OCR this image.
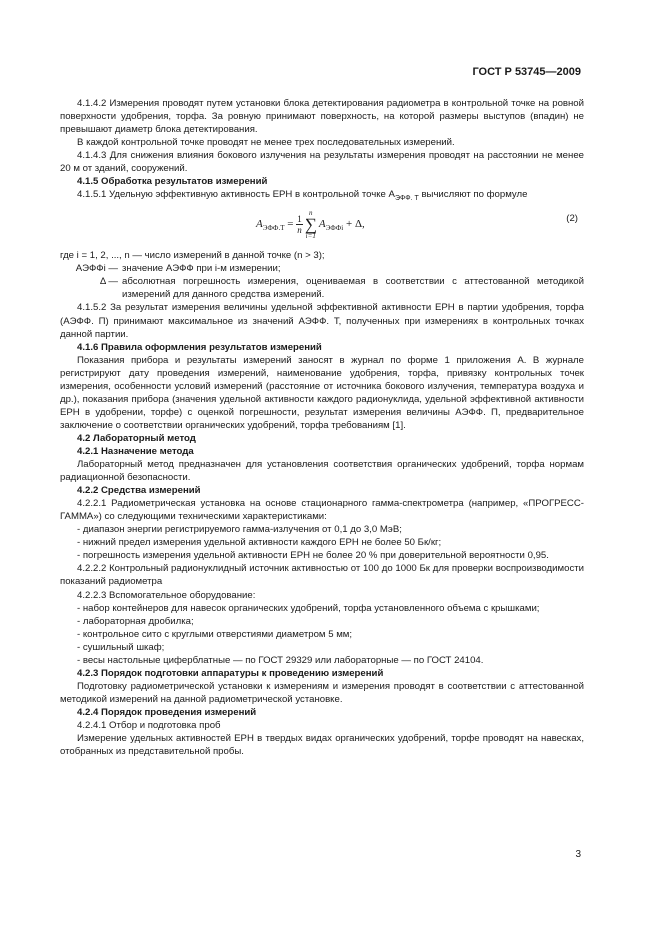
ГОСТ Р 53745—2009

4.1.4.2 Измерения проводят путем установки блока детектирования радиометра в контрольной точке на ровной поверхности удобрения, торфа. За ровную принимают поверхность, на которой размеры выступов (впадин) не превышают диаметр блока детектирования.

В каждой контрольной точке проводят не менее трех последовательных измерений.

4.1.4.3 Для снижения влияния бокового излучения на результаты измерения проводят на расстоянии не менее 20 м от зданий, сооружений.

4.1.5 Обработка результатов измерений

4.1.5.1 Удельную эффективную активность ЕРН в контрольной точке $A_{ЭФФ. Т}$ вычисляют по формуле

$A_{ЭФФ.Т} = \frac{1}{n}$
n
∑
i=1
$A_{ЭФФi} + \Delta$,	(2)

где i = 1, 2, ..., n — число измерений в данной точке (n > 3);

AЭФФi — значение AЭФФ при i-м измерении;
Δ — абсолютная погрешность измерения, оцениваемая в соответствии с аттестованной методикой измерений для данного средства измерений.

4.1.5.2 За результат измерения величины удельной эффективной активности ЕРН в партии удобрения, торфа (AЭФФ. П) принимают максимальное из значений AЭФФ. Т, полученных при измерениях в контрольных точках данной партии.

4.1.6 Правила оформления результатов измерений

Показания прибора и результаты измерений заносят в журнал по форме 1 приложения А. В журнале регистрируют дату проведения измерений, наименование удобрения, торфа, привязку контрольных точек измерения, особенности условий измерений (расстояние от источника бокового излучения, температура воздуха и др.), показания прибора (значения удельной активности каждого радионуклида, удельной эффективной активности ЕРН в удобрении, торфе) с оценкой погрешности, результат измерения величины AЭФФ. П, предварительное заключение о соответствии органических удобрений, торфа требованиям [1].

4.2 Лабораторный метод

4.2.1 Назначение метода

Лабораторный метод предназначен для установления соответствия органических удобрений, торфа нормам радиационной безопасности.

4.2.2 Средства измерений

4.2.2.1 Радиометрическая установка на основе стационарного гамма-спектрометра (например, «ПРОГРЕСС-ГАММА») со следующими техническими характеристиками:

- диапазон энергии регистрируемого гамма-излучения от 0,1 до 3,0 МэВ;

- нижний предел измерения удельной активности каждого ЕРН не более 50 Бк/кг;

- погрешность измерения удельной активности ЕРН не более 20 % при доверительной вероятности 0,95.

4.2.2.2 Контрольный радионуклидный источник активностью от 100 до 1000 Бк для проверки воспроизводимости показаний радиометра

4.2.2.3 Вспомогательное оборудование:

- набор контейнеров для навесок органических удобрений, торфа установленного объема с крышками;

- лабораторная дробилка;

- контрольное сито с круглыми отверстиями диаметром 5 мм;

- сушильный шкаф;

- весы настольные циферблатные — по ГОСТ 29329 или лабораторные — по ГОСТ 24104.

4.2.3 Порядок подготовки аппаратуры к проведению измерений

Подготовку радиометрической установки к измерениям и измерения проводят в соответствии с аттестованной методикой измерений на данной радиометрической установке.

4.2.4 Порядок проведения измерений

4.2.4.1 Отбор и подготовка проб

Измерение удельных активностей ЕРН в твердых видах органических удобрений, торфе проводят на навесках, отобранных из представительной пробы.

3
